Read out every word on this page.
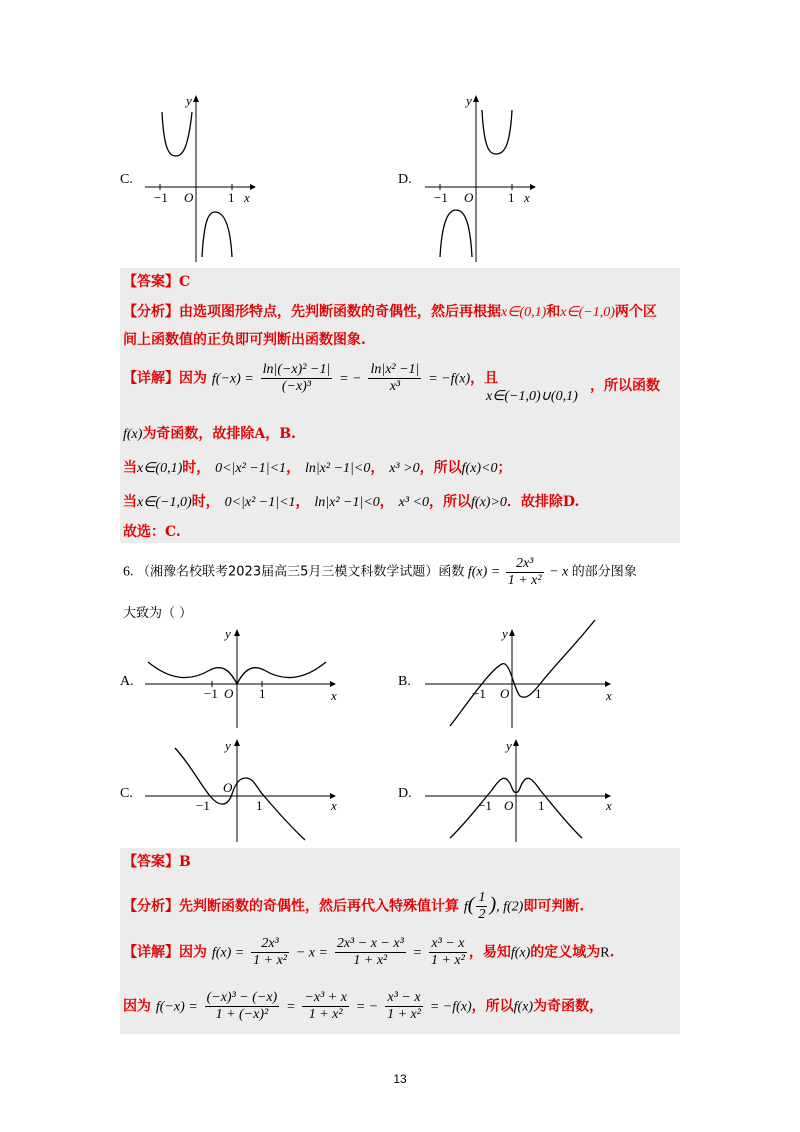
C.
y
x
O
−1	1
D.
y
x
O
−1	1
【答案】C
【分析】由选项图形特点，先判断函数的奇偶性，然后再根据x∈(0,1)和x∈(−1,0)两个区
间上函数值的正负即可判断出函数图象.
【详解】因为 $f(-x) = \frac{\text{ln|(−x)² −1|}}{\text{(−x)³}}$ = − $\frac{\text{ln|x² −1|}}{\text{x³}} = -f(x)$，且
x∈(−1,0)∪(0,1)
，所以函数
f(x)为奇函数，故排除A，B.
当x∈(0,1)时， 0<|x² −1|<1， ln|x² −1|<0， x³ >0，所以f(x)<0；
当x∈(−1,0)时， 0<|x² −1|<1， ln|x² −1|<0， x³ <0，所以f(x)>0．故排除D.
故选：C.
6. （湘豫名校联考2023届高三5月三模文科数学试题）函数 $f(x) = \frac{\text{2x³}}{\text{1 + x²}} - x$ 的部分图象
大致为（ ）
A.
y
x
O
−1	1
B.
y
x
O
−1	1
C.
y
x
O
−1	1
D.
y
x
O
−1	1
【答案】B
【分析】先判断函数的奇偶性，然后再代入特殊值计算 $f( \frac{1}{2}$ ), f(2)即可判断.
【详解】因为 $f(x) = \frac{\text{2x³}}{\text{1 + x²}} - x = \frac{\text{2x³ − x − x³}}{\text{1 + x²}} = \frac{\text{x³ − x}}{\text{1 + x²}}$ ，易知f(x)的定义域为R.
因为 $f(-x) = \frac{\text{(−x)³ − (−x)}}{\text{1 + (−x)²}} = \frac{\text{−x³ + x}}{\text{1 + x²}}$ = − $\frac{\text{x³ − x}}{\text{1 + x²}} = -f(x)$，所以f(x)为奇函数，
13
